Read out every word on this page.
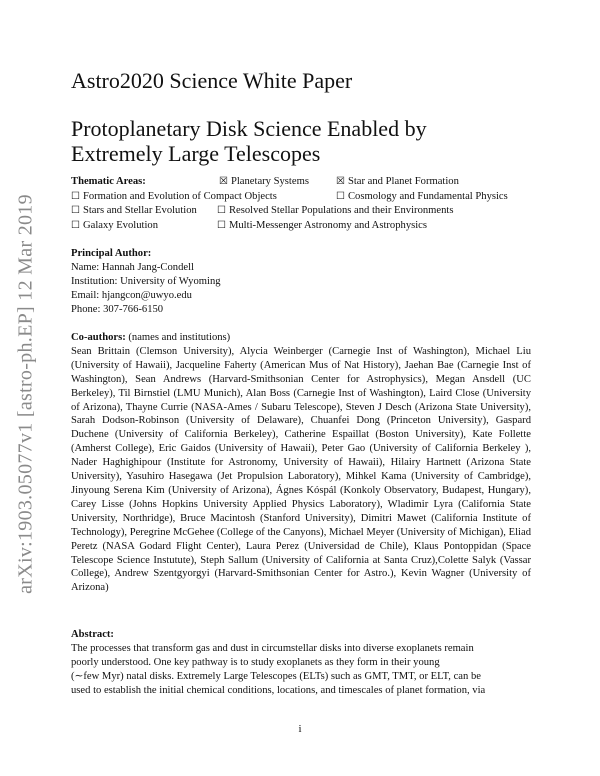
arXiv:1903.05077v1 [astro-ph.EP] 12 Mar 2019
Astro2020 Science White Paper
Protoplanetary Disk Science Enabled by
Extremely Large Telescopes
Thematic Areas:	☒ Planetary Systems	☒ Star and Planet Formation
☐ Formation and Evolution of Compact Objects	☐ Cosmology and Fundamental Physics
☐ Stars and Stellar Evolution	☐ Resolved Stellar Populations and their Environments
☐ Galaxy Evolution	☐ Multi-Messenger Astronomy and Astrophysics
Principal Author:
Name: Hannah Jang-Condell
Institution: University of Wyoming
Email: hjangcon@uwyo.edu
Phone: 307-766-6150
Co-authors: (names and institutions)
Sean Brittain (Clemson University), Alycia Weinberger (Carnegie Inst of Washington), Michael Liu (University of Hawaii), Jacqueline Faherty (American Mus of Nat History), Jaehan Bae (Carnegie Inst of Washington), Sean Andrews (Harvard-Smithsonian Center for Astrophysics), Megan Ansdell (UC Berkeley), Til Birnstiel (LMU Munich), Alan Boss (Carnegie Inst of Washington), Laird Close (University of Arizona), Thayne Currie (NASA-Ames / Subaru Telescope), Steven J Desch (Arizona State University), Sarah Dodson-Robinson (University of Delaware), Chuanfei Dong (Princeton University), Gaspard Duchene (University of California Berkeley), Catherine Espaillat (Boston University), Kate Follette (Amherst College), Eric Gaidos (University of Hawaii), Peter Gao (University of California Berkeley ), Nader Haghighipour (Institute for Astronomy, University of Hawaii), Hilairy Hartnett (Arizona State University), Yasuhiro Hasegawa (Jet Propulsion Laboratory), Mihkel Kama (University of Cambridge), Jinyoung Serena Kim (University of Arizona), Ágnes Kóspál (Konkoly Observatory, Budapest, Hungary), Carey Lisse (Johns Hopkins University Applied Physics Laboratory), Wladimir Lyra (California State University, Northridge), Bruce Macintosh (Stanford University), Dimitri Mawet (California Institute of Technology), Peregrine McGehee (College of the Canyons), Michael Meyer (University of Michigan), Eliad Peretz (NASA Godard Flight Center), Laura Perez (Universidad de Chile), Klaus Pontoppidan (Space Telescope Science Instutute), Steph Sallum (University of California at Santa Cruz),Colette Salyk (Vassar College), Andrew Szentgyorgyi (Harvard-Smithsonian Center for Astro.), Kevin Wagner (University of Arizona)
Abstract:
The processes that transform gas and dust in circumstellar disks into diverse exoplanets remain
poorly understood. One key pathway is to study exoplanets as they form in their young
(∼few Myr) natal disks. Extremely Large Telescopes (ELTs) such as GMT, TMT, or ELT, can be
used to establish the initial chemical conditions, locations, and timescales of planet formation, via
i
